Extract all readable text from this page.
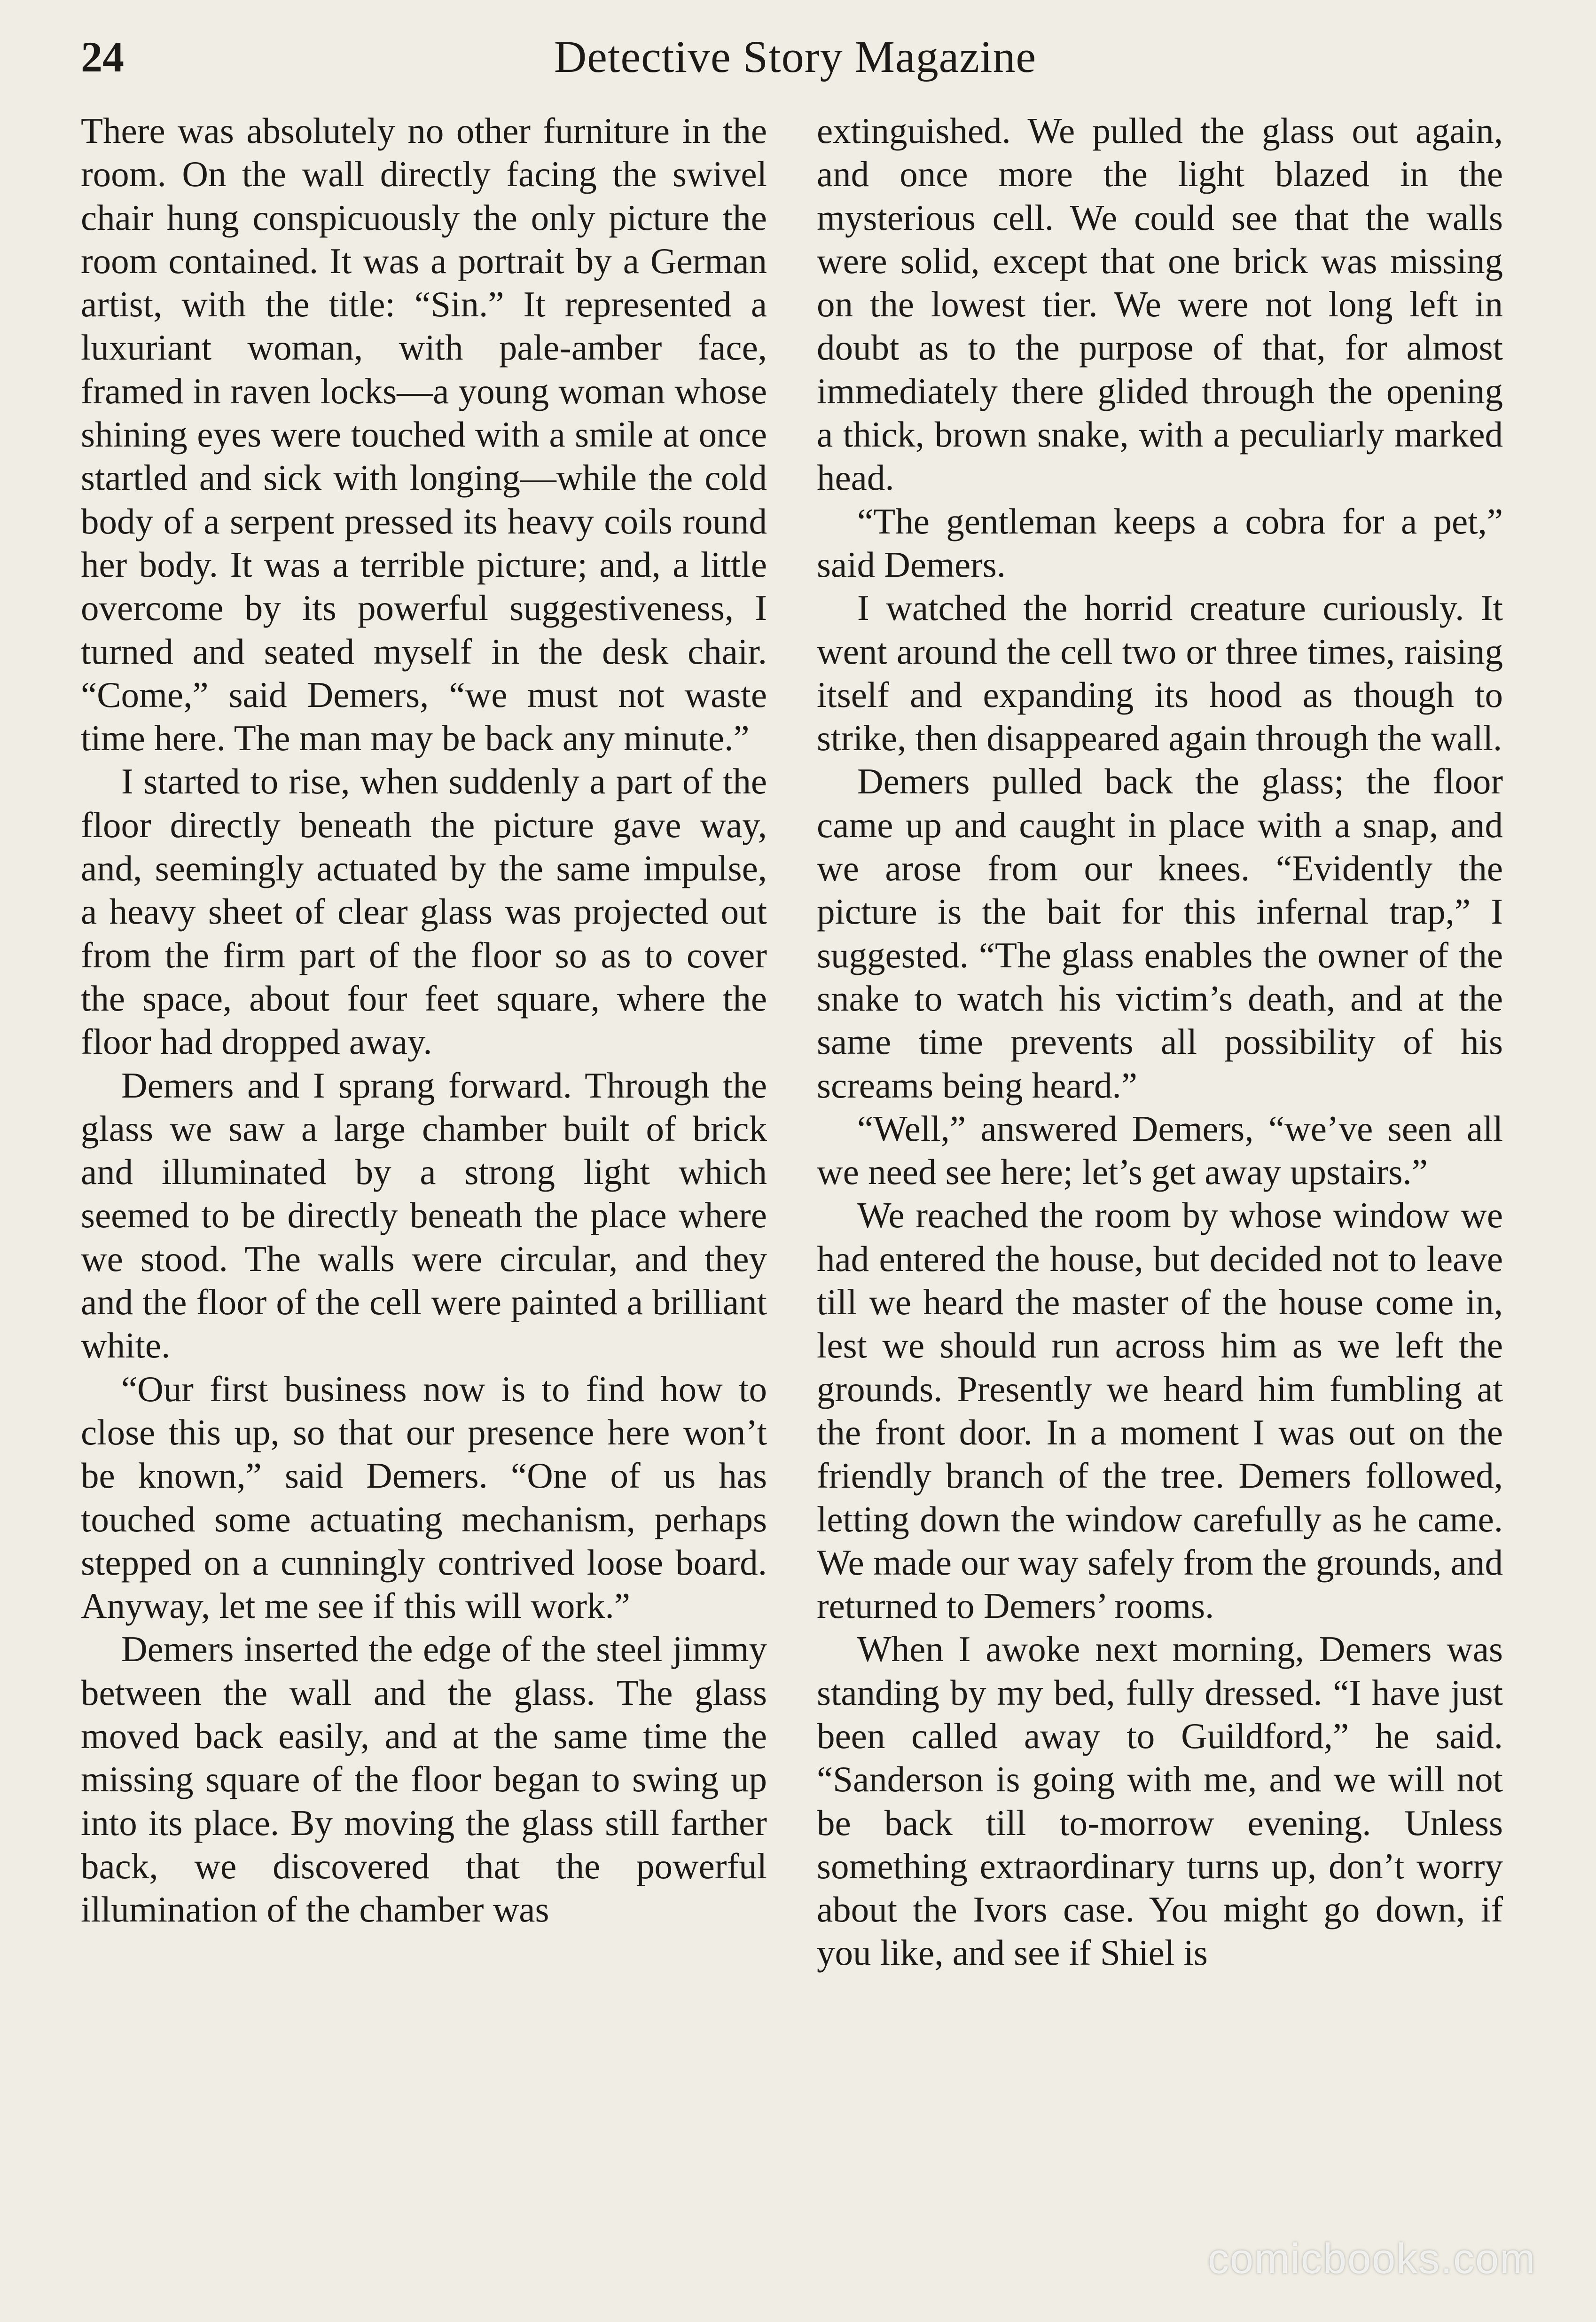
24	Detective Story Magazine

There was absolutely no other furniture in the room. On the wall directly facing the swivel chair hung conspicuously the only picture the room contained. It was a portrait by a German artist, with the title: “Sin.” It represented a luxuriant woman, with pale-amber face, framed in raven locks—a young woman whose shining eyes were touched with a smile at once startled and sick with longing—while the cold body of a serpent pressed its heavy coils round her body. It was a terrible picture; and, a little overcome by its powerful suggestiveness, I turned and seated myself in the desk chair. “Come,” said Demers, “we must not waste time here. The man may be back any minute.”

I started to rise, when suddenly a part of the floor directly beneath the picture gave way, and, seemingly actuated by the same impulse, a heavy sheet of clear glass was projected out from the firm part of the floor so as to cover the space, about four feet square, where the floor had dropped away.

Demers and I sprang forward. Through the glass we saw a large chamber built of brick and illuminated by a strong light which seemed to be directly beneath the place where we stood. The walls were circular, and they and the floor of the cell were painted a brilliant white.

“Our first business now is to find how to close this up, so that our presence here won’t be known,” said Demers. “One of us has touched some actuating mechanism, perhaps stepped on a cunningly contrived loose board. Anyway, let me see if this will work.”

Demers inserted the edge of the steel jimmy between the wall and the glass. The glass moved back easily, and at the same time the missing square of the floor began to swing up into its place. By moving the glass still farther back, we discovered that the powerful illumination of the chamber was

extinguished. We pulled the glass out again, and once more the light blazed in the mysterious cell. We could see that the walls were solid, except that one brick was missing on the lowest tier. We were not long left in doubt as to the purpose of that, for almost immediately there glided through the opening a thick, brown snake, with a peculiarly marked head.

“The gentleman keeps a cobra for a pet,” said Demers.

I watched the horrid creature curiously. It went around the cell two or three times, raising itself and expanding its hood as though to strike, then disappeared again through the wall.

Demers pulled back the glass; the floor came up and caught in place with a snap, and we arose from our knees. “Evidently the picture is the bait for this infernal trap,” I suggested. “The glass enables the owner of the snake to watch his victim’s death, and at the same time prevents all possibility of his screams being heard.”

“Well,” answered Demers, “we’ve seen all we need see here; let’s get away upstairs.”

We reached the room by whose window we had entered the house, but decided not to leave till we heard the master of the house come in, lest we should run across him as we left the grounds. Presently we heard him fumbling at the front door. In a moment I was out on the friendly branch of the tree. Demers followed, letting down the window carefully as he came. We made our way safely from the grounds, and returned to Demers’ rooms.

When I awoke next morning, Demers was standing by my bed, fully dressed. “I have just been called away to Guildford,” he said. “Sanderson is going with me, and we will not be back till to-morrow evening. Unless something extraordinary turns up, don’t worry about the Ivors case. You might go down, if you like, and see if Shiel is

comicbooks.com
